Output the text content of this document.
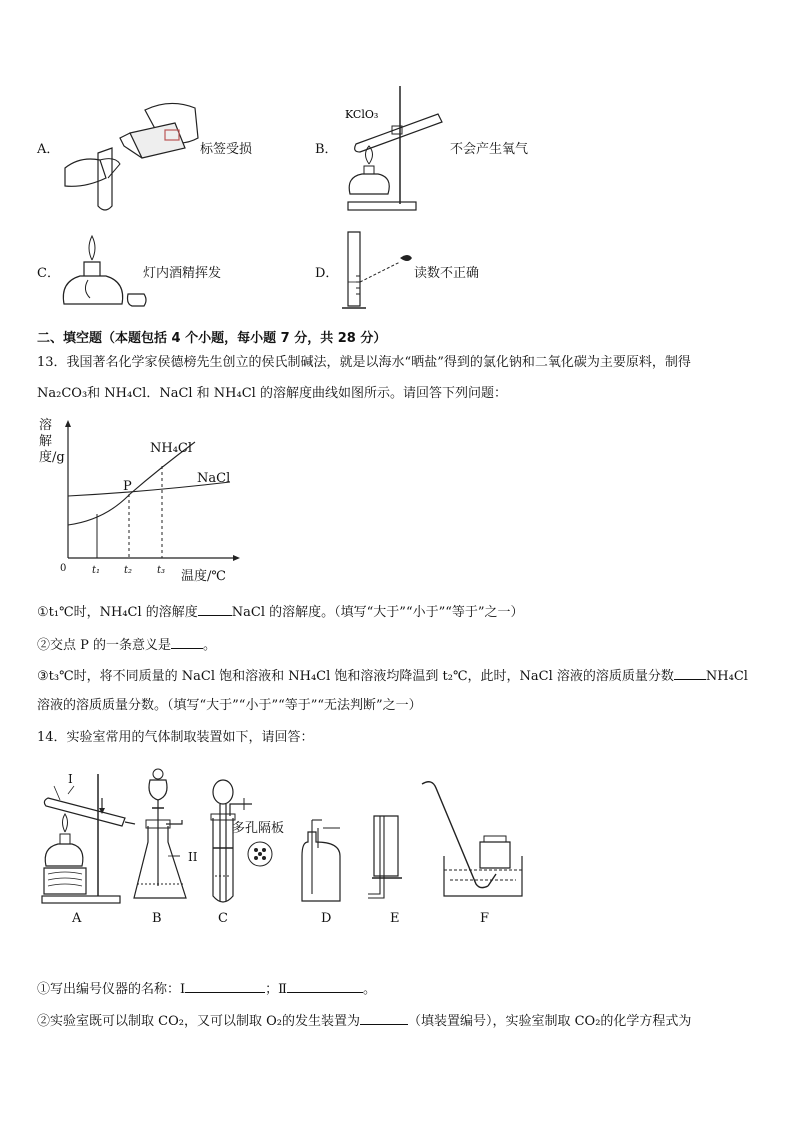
A．	标签受损	B．
KClO₃
不会产生氧气
C．	灯内酒精挥发	D．	读数不正确
二、填空题（本题包括 4 个小题，每小题 7 分，共 28 分）
13．我国著名化学家侯德榜先生创立的侯氏制碱法，就是以海水“晒盐”得到的氯化钠和二氧化碳为主要原料，制得
Na₂CO₃和 NH₄Cl．NaCl 和 NH₄Cl 的溶解度曲线如图所示。请回答下列问题：
溶解度/g
0	t₁ t₂ t₃ 温度/℃
NH₄Cl
NaCl
P
①t₁℃时，NH₄Cl 的溶解度	NaCl 的溶解度。（填写“大于”“小于”“等于”之一）
②交点 P 的一条意义是 。
③t₃℃时，将不同质量的 NaCl 饱和溶液和 NH₄Cl 饱和溶液均降温到 t₂℃，此时，NaCl 溶液的溶质质量分数 NH₄Cl
溶液的溶质质量分数。（填写“大于”“小于”“等于”“无法判断”之一）
14．实验室常用的气体制取装置如下，请回答：
I
II
多孔隔板
A	B	C	D	E	F
①写出编号仪器的名称：Ⅰ	；Ⅱ	。
②实验室既可以制取 CO₂，又可以制取 O₂的发生装置为	（填装置编号），实验室制取 CO₂的化学方程式为
